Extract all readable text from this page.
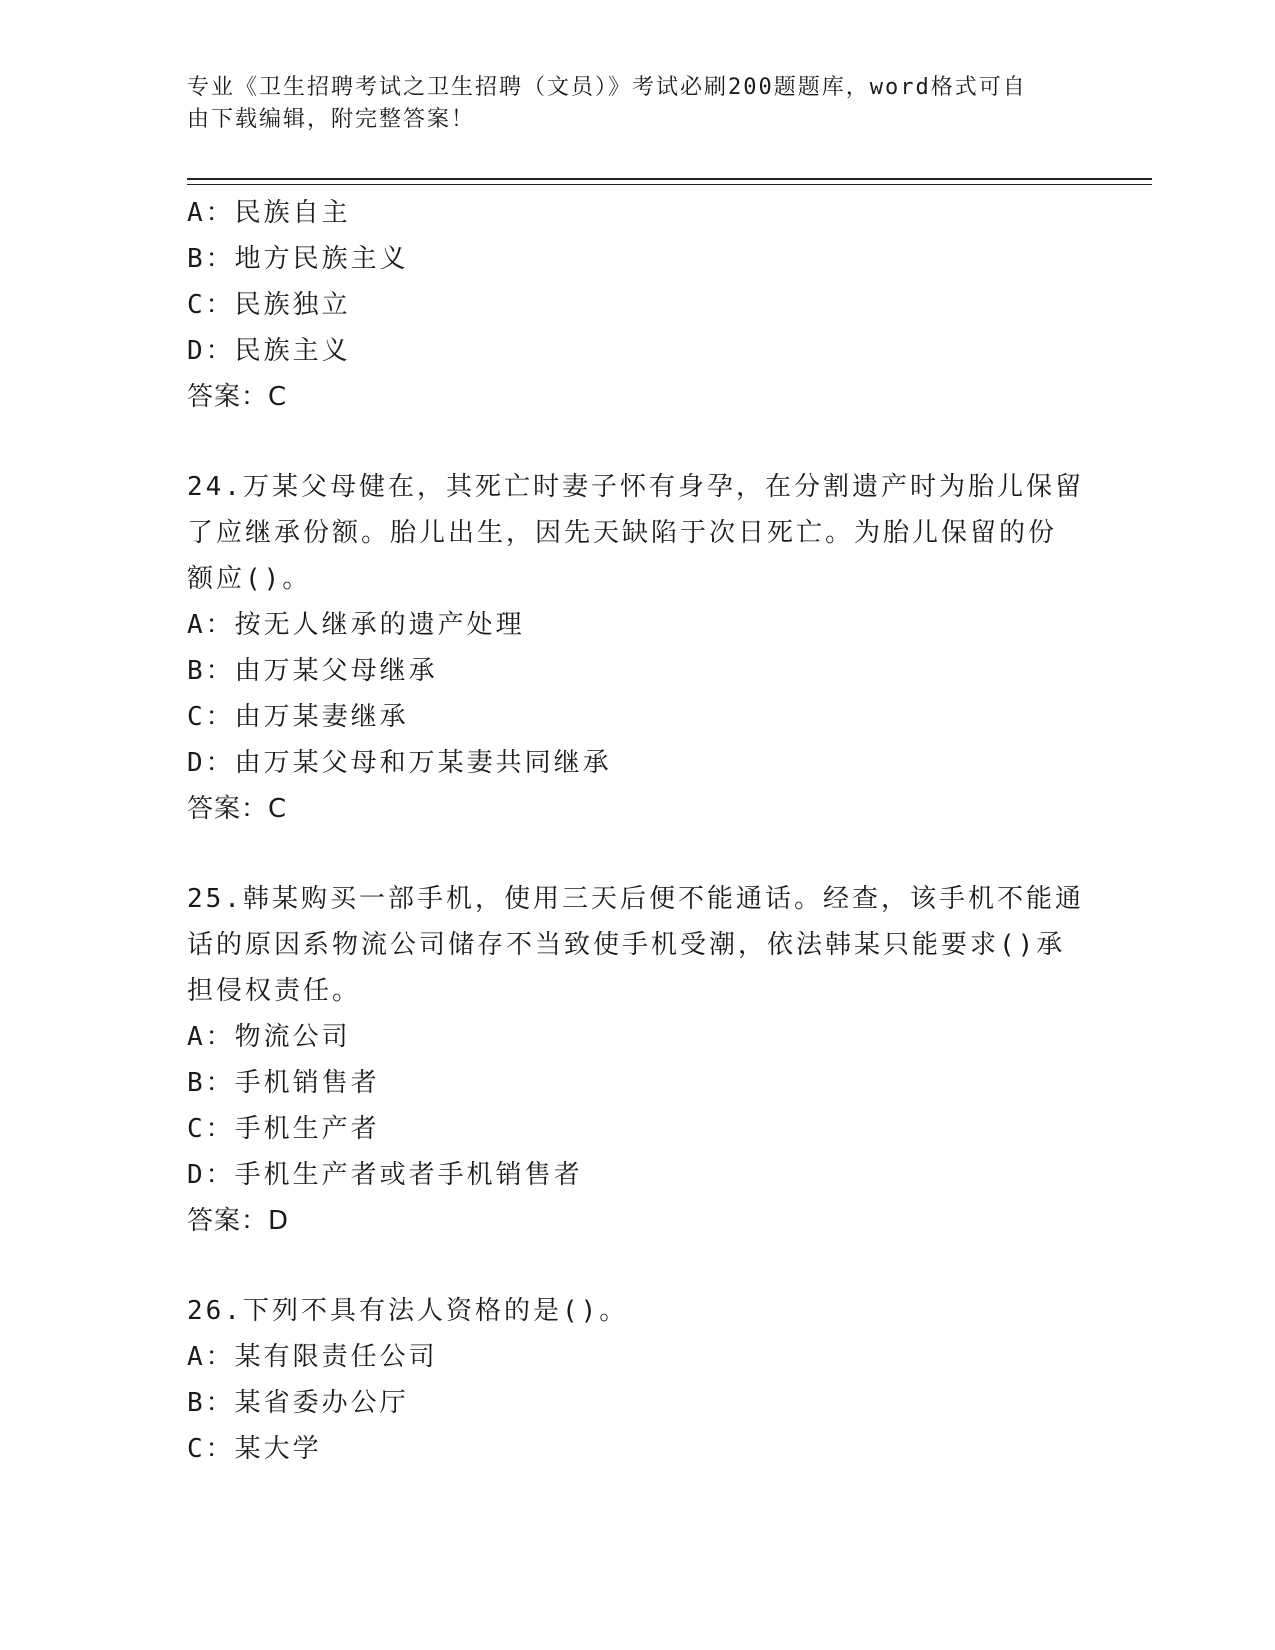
专业《卫生招聘考试之卫生招聘（文员）》考试必刷200题题库，word格式可自
由下载编辑，附完整答案！
A：民族自主
B：地方民族主义
C：民族独立
D：民族主义
答案：C
24.万某父母健在，其死亡时妻子怀有身孕，在分割遗产时为胎儿保留
了应继承份额。胎儿出生，因先天缺陷于次日死亡。为胎儿保留的份
额应()。
A：按无人继承的遗产处理
B：由万某父母继承
C：由万某妻继承
D：由万某父母和万某妻共同继承
答案：C
25.韩某购买一部手机，使用三天后便不能通话。经查，该手机不能通
话的原因系物流公司储存不当致使手机受潮，依法韩某只能要求()承
担侵权责任。
A：物流公司
B：手机销售者
C：手机生产者
D：手机生产者或者手机销售者
答案：D
26.下列不具有法人资格的是()。
A：某有限责任公司
B：某省委办公厅
C：某大学
